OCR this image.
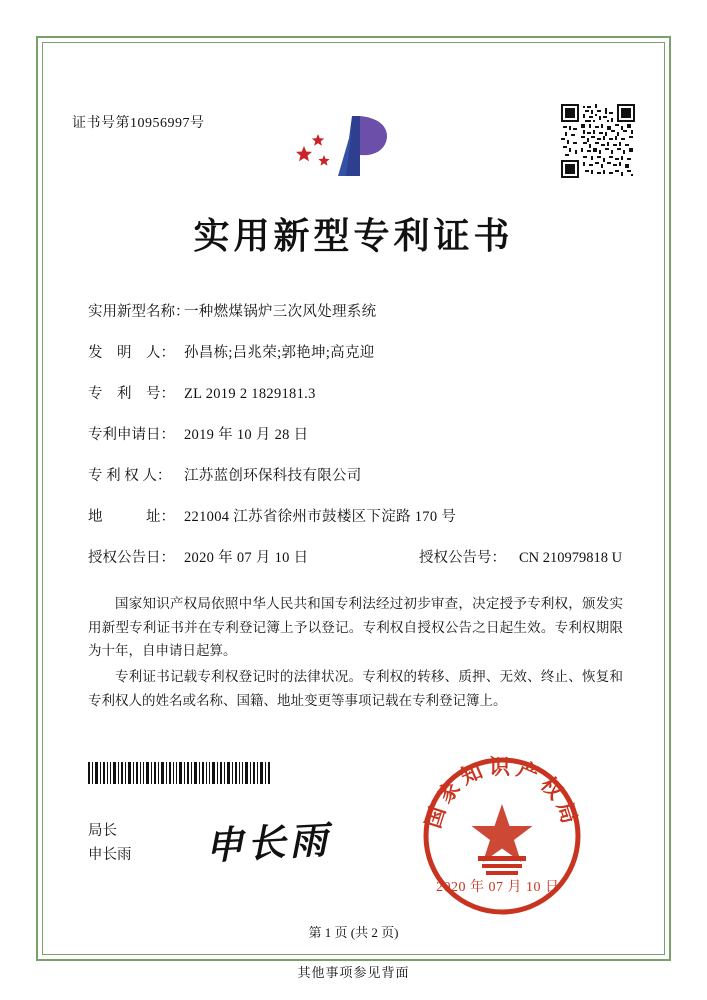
证书号第10956997号
实用新型专利证书
实用新型名称：
一种燃煤锅炉三次风处理系统
发　明　人： 孙昌栋;吕兆荣;郭艳坤;高克迎
专　利　号： ZL 2019 2 1829181.3
专利申请日： 2019 年 10 月 28 日
专 利 权 人： 江苏蓝创环保科技有限公司
地　　　址： 221004 江苏省徐州市鼓楼区下淀路 170 号
授权公告日： 2020 年 07 月 10 日	授权公告号： CN 210979818 U

国家知识产权局依照中华人民共和国专利法经过初步审查，决定授予专利权，颁发实用新型专利证书并在专利登记簿上予以登记。专利权自授权公告之日起生效。专利权期限为十年，自申请日起算。

专利证书记载专利权登记时的法律状况。专利权的转移、质押、无效、终止、恢复和专利权人的姓名或名称、国籍、地址变更等事项记载在专利登记簿上。

局长
申长雨 申长雨
国家知识产权局
2020 年 07 月 10 日
第 1 页 (共 2 页)
其他事项参见背面
